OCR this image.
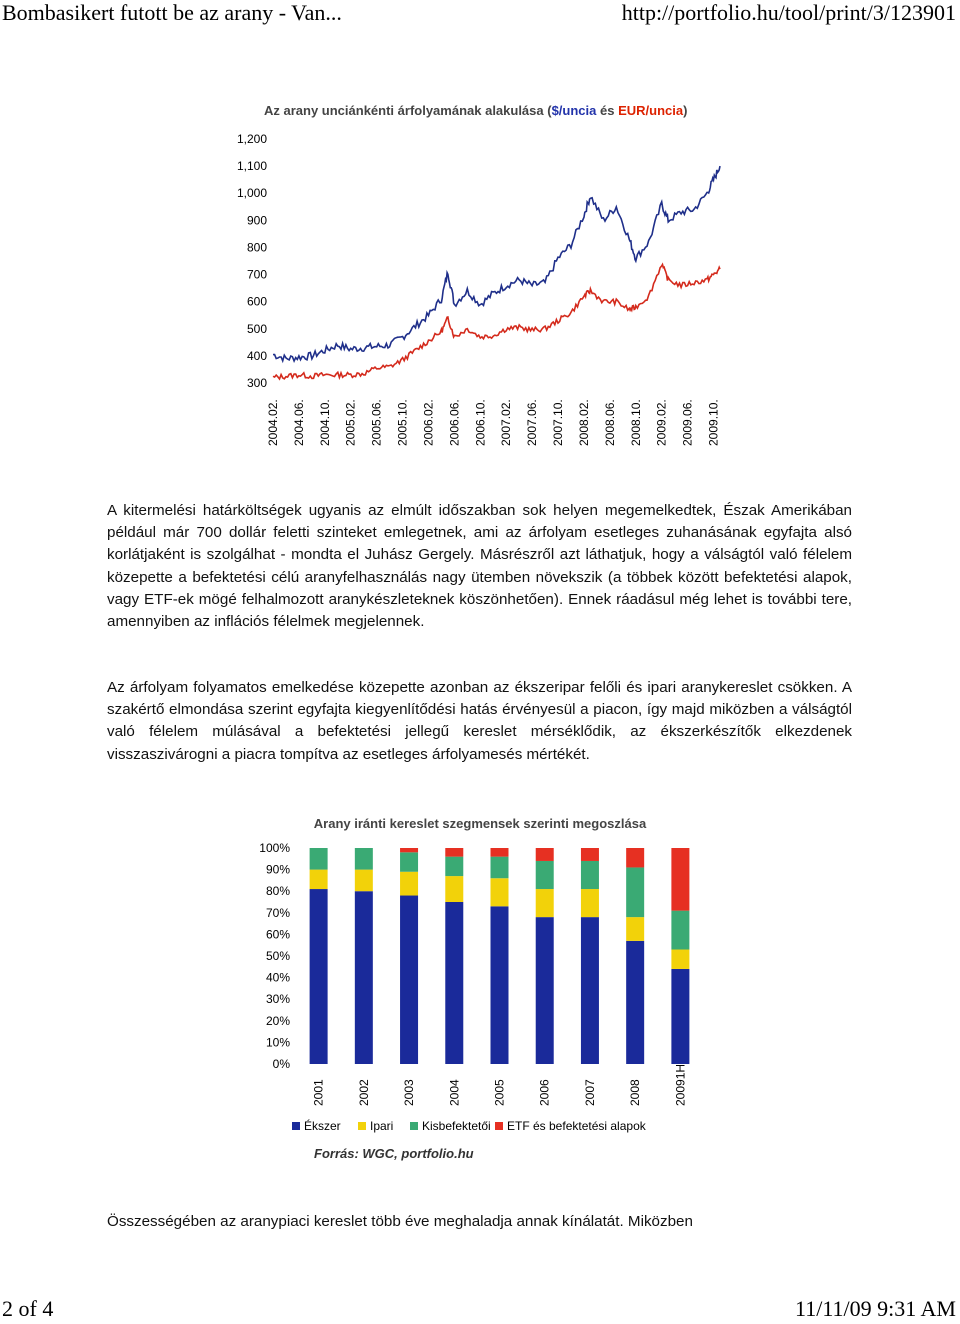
Bombasikert futott be az arany - Van...	http://portfolio.hu/tool/print/3/123901
Az arany unciánkénti árfolyamának alakulása ($/uncia és EUR/uncia)
300
400
500
600
700
800
900
1,000
1,100
1,200
2004.02. 2004.06. 2004.10. 2005.02. 2005.06. 2005.10. 2006.02. 2006.06. 2006.10. 2007.02. 2007.06. 2007.10. 2008.02. 2008.06. 2008.10. 2009.02. 2009.06. 2009.10.
A kitermelési határköltségek ugyanis az elmúlt időszakban sok helyen megemelkedtek, Észak Amerikában például már 700 dollár feletti szinteket emlegetnek, ami az árfolyam esetleges zuhanásának egyfajta alsó korlátjaként is szolgálhat - mondta el Juhász Gergely. Másrészről azt láthatjuk, hogy a válságtól való félelem közepette a befektetési célú aranyfelhasználás nagy ütemben növekszik (a többek között befektetési alapok, vagy ETF-ek mögé felhalmozott aranykészleteknek köszönhetően). Ennek ráadásul még lehet is további tere, amennyiben az inflációs félelmek megjelennek.
Az árfolyam folyamatos emelkedése közepette azonban az ékszeripar felőli és ipari aranykereslet csökken. A szakértő elmondása szerint egyfajta kiegyenlítődési hatás érvényesül a piacon, így majd miközben a válságtól való félelem múlásával a befektetési jellegű kereslet mérséklődik, az ékszerkészítők elkezdenek visszaszivárogni a piacra tompítva az esetleges árfolyamesés mértékét.
Arany iránti kereslet szegmensek szerinti megoszlása
0%
10%
20%
30%
40%
50%
60%
70%
80%
90%
100%
2001	2002	2003	2004	2005	2006	2007	2008	20091H
Ékszer Ipari Kisbefektetői ETF és befektetési alapok
Forrás: WGC, portfolio.hu
Összességében az aranypiaci kereslet több éve meghaladja annak kínálatát. Miközben
2 of 4	11/11/09 9:31 AM
